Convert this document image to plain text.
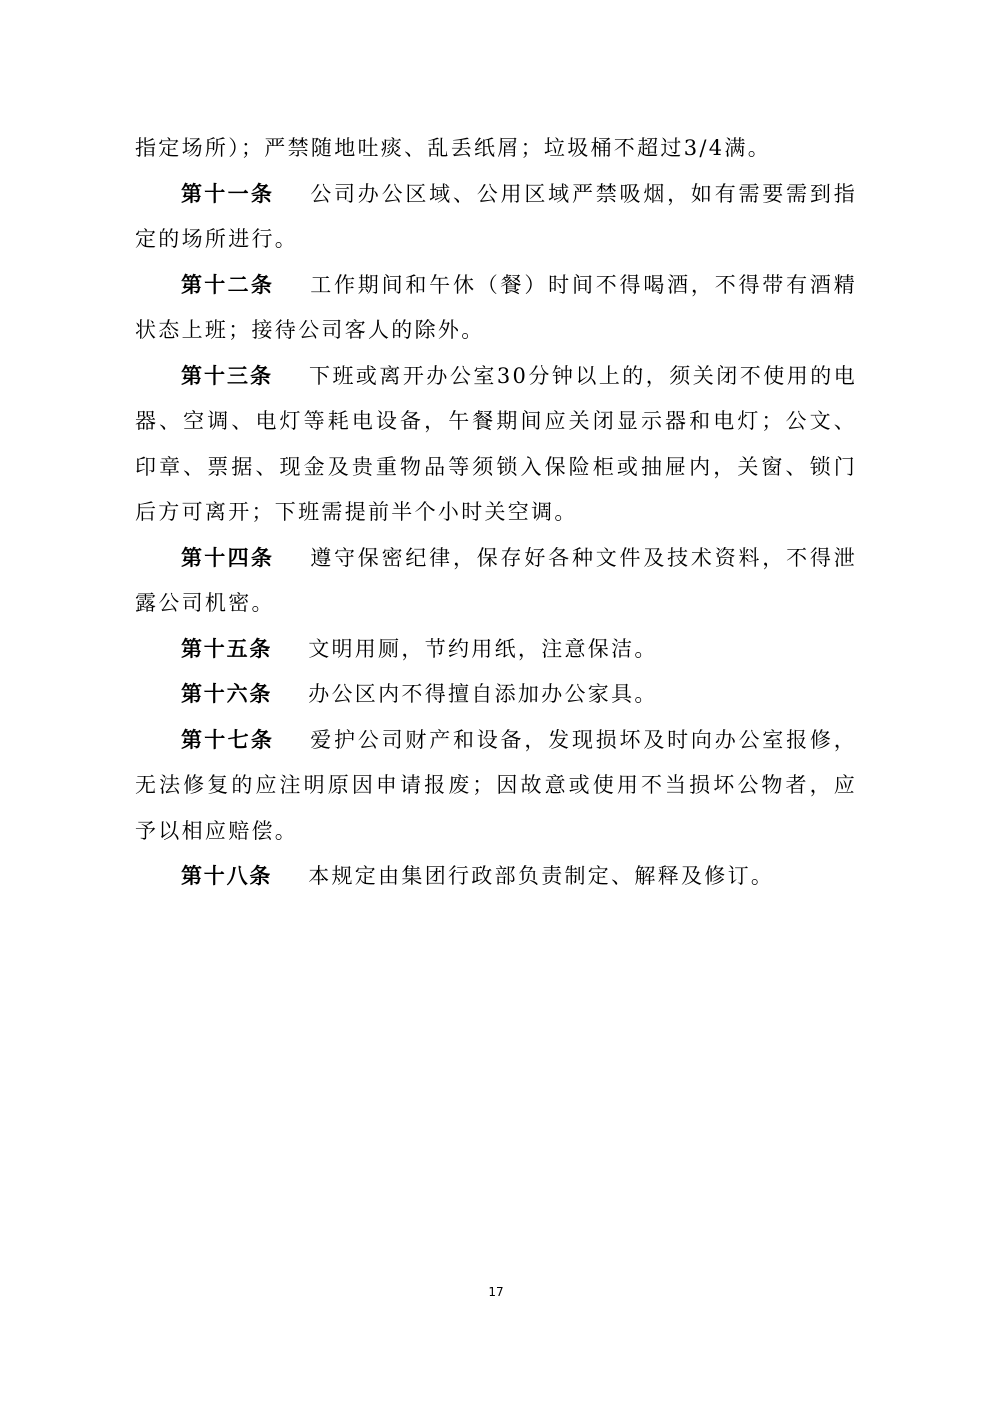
指定场所）；严禁随地吐痰、乱丢纸屑；垃圾桶不超过3/4满。

第十一条 公司办公区域、公用区域严禁吸烟，如有需要需到指定的场所进行。

第十二条 工作期间和午休（餐）时间不得喝酒，不得带有酒精状态上班；接待公司客人的除外。

第十三条 下班或离开办公室30分钟以上的，须关闭不使用的电器、空调、电灯等耗电设备，午餐期间应关闭显示器和电灯；公文、印章、票据、现金及贵重物品等须锁入保险柜或抽屉内，关窗、锁门后方可离开；下班需提前半个小时关空调。

第十四条 遵守保密纪律，保存好各种文件及技术资料，不得泄露公司机密。

第十五条 文明用厕，节约用纸，注意保洁。

第十六条 办公区内不得擅自添加办公家具。

第十七条 爱护公司财产和设备，发现损坏及时向办公室报修，无法修复的应注明原因申请报废；因故意或使用不当损坏公物者，应予以相应赔偿。

第十八条 本规定由集团行政部负责制定、解释及修订。

17
